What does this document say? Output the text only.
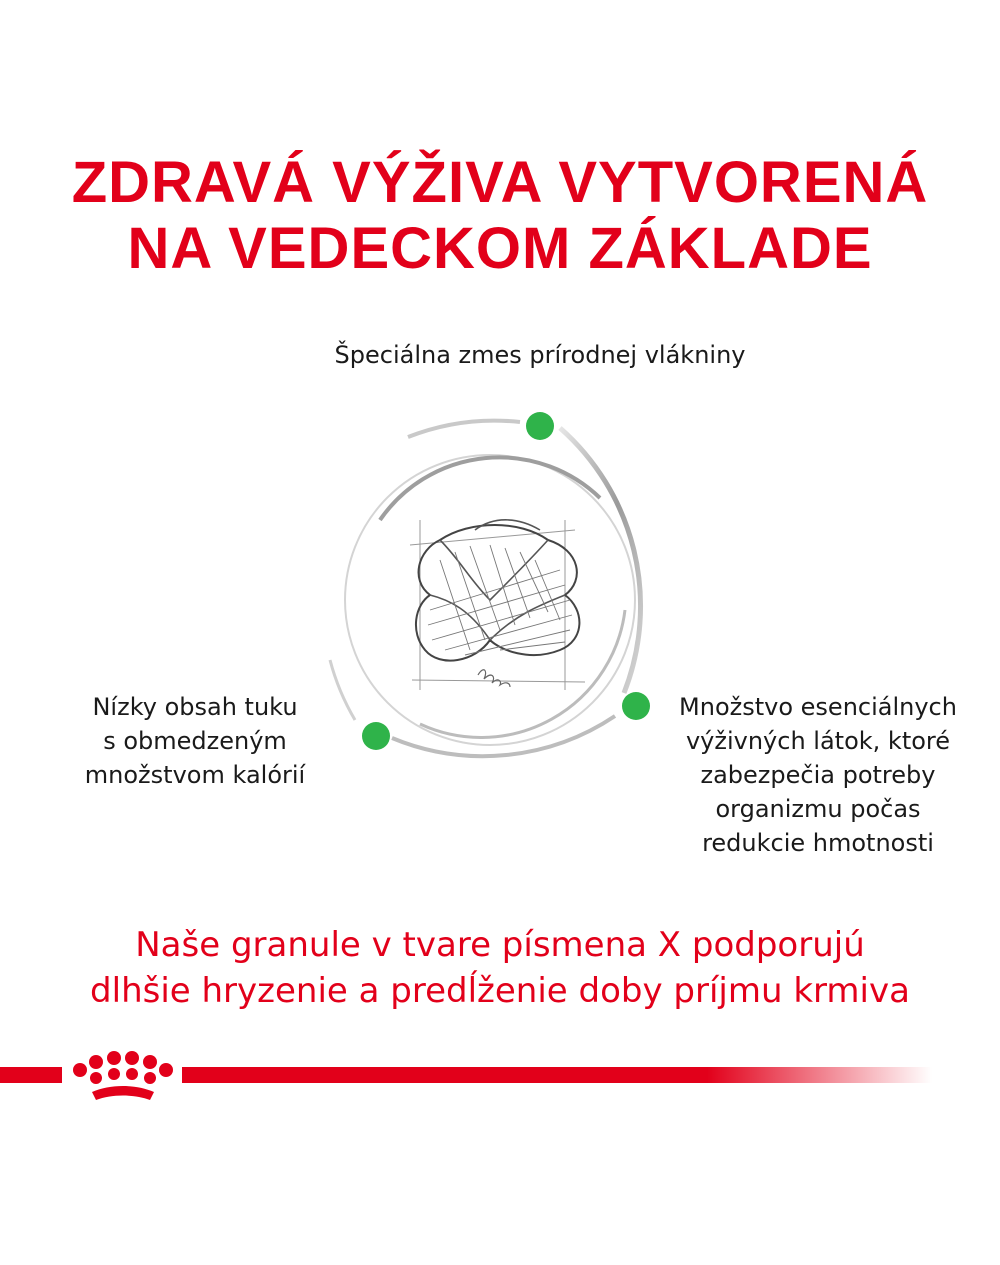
ZDRAVÁ VÝŽIVA VYTVORENÁ
NA VEDECKOM ZÁKLADE
Špeciálna zmes prírodnej vlákniny
Nízky obsah tuku
s obmedzeným
množstvom kalórií
Množstvo esenciálnych
výživných látok, ktoré
zabezpečia potreby
organizmu počas
redukcie hmotnosti
Naše granule v tvare písmena X podporujú
dlhšie hryzenie a predĺženie doby príjmu krmiva
